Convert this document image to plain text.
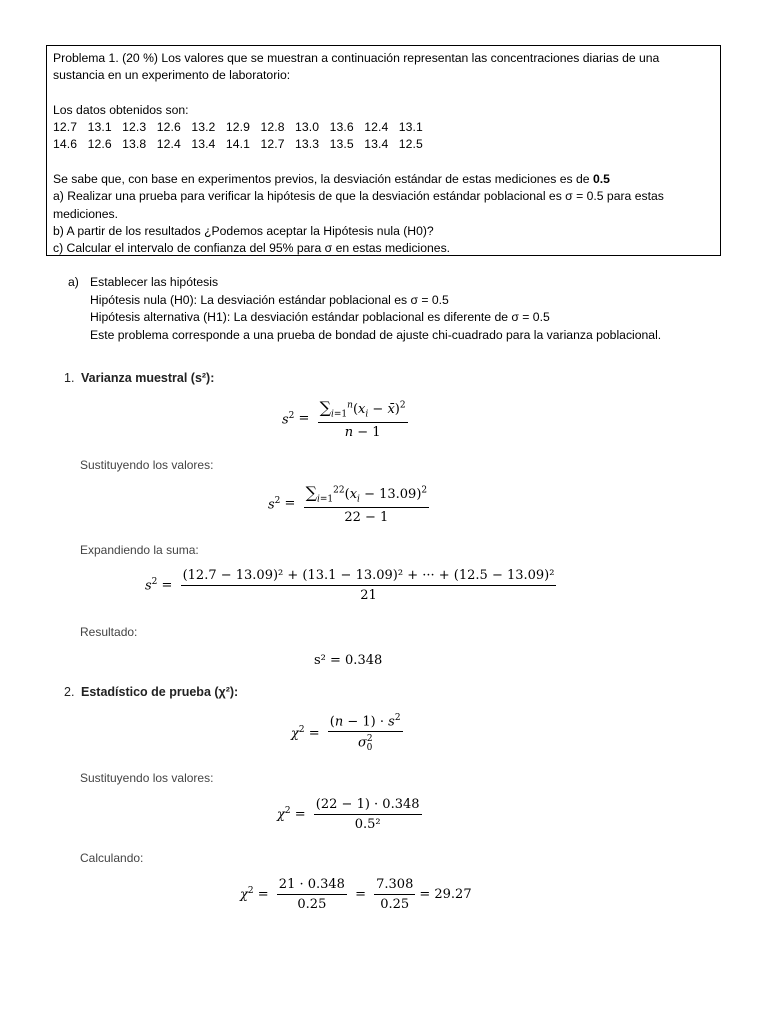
Problema 1. (20 %) Los valores que se muestran a continuación representan las concentraciones diarias de una sustancia en un experimento de laboratorio:

Los datos obtenidos son:

12.7   13.1   12.3   12.6   13.2   12.9   12.8   13.0   13.6   12.4   13.1

14.6   12.6   13.8   12.4   13.4   14.1   12.7   13.3   13.5   13.4   12.5

Se sabe que, con base en experimentos previos, la desviación estándar de estas mediciones es de 0.5

a) Realizar una prueba para verificar la hipótesis de que la desviación estándar poblacional es σ = 0.5 para estas mediciones.

b) A partir de los resultados ¿Podemos aceptar la Hipótesis nula (H0)?

c) Calcular el intervalo de confianza del 95% para σ en estas mediciones.

a) Establecer las hipótesis
Hipótesis nula (H0): La desviación estándar poblacional es σ = 0.5
Hipótesis alternativa (H1): La desviación estándar poblacional es diferente de σ = 0.5
Este problema corresponde a una prueba de bondad de ajuste chi-cuadrado para la varianza poblacional.
1. Varianza muestral (s²):
$s^2 = \frac{\sum_{i=1}^n(x_i - x̄)^2}{n - 1}$
Sustituyendo los valores:
$s^2 = \frac{\sum_{i=1}^{22}(x_i - 13.09)^2}{22 - 1}$
Expandiendo la suma:
$s^2 = \frac{\text{(12.7 − 13.09)² + (13.1 − 13.09)² + ··· + (12.5 − 13.09)²}}{21}$
Resultado:
s² = 0.348
2. Estadístico de prueba (χ²):
$\chi^2 = \frac{(n - 1) \cdot s^2}{\sigma^2_0}$
Sustituyendo los valores:
$\chi^2 = \frac{(22 - 1) \cdot 0.348}{\text{0.5²}}$
Calculando:
$\chi^2 = \frac{21 \cdot 0.348}{0.25} = \frac{7.308}{0.25} = 29.27$
